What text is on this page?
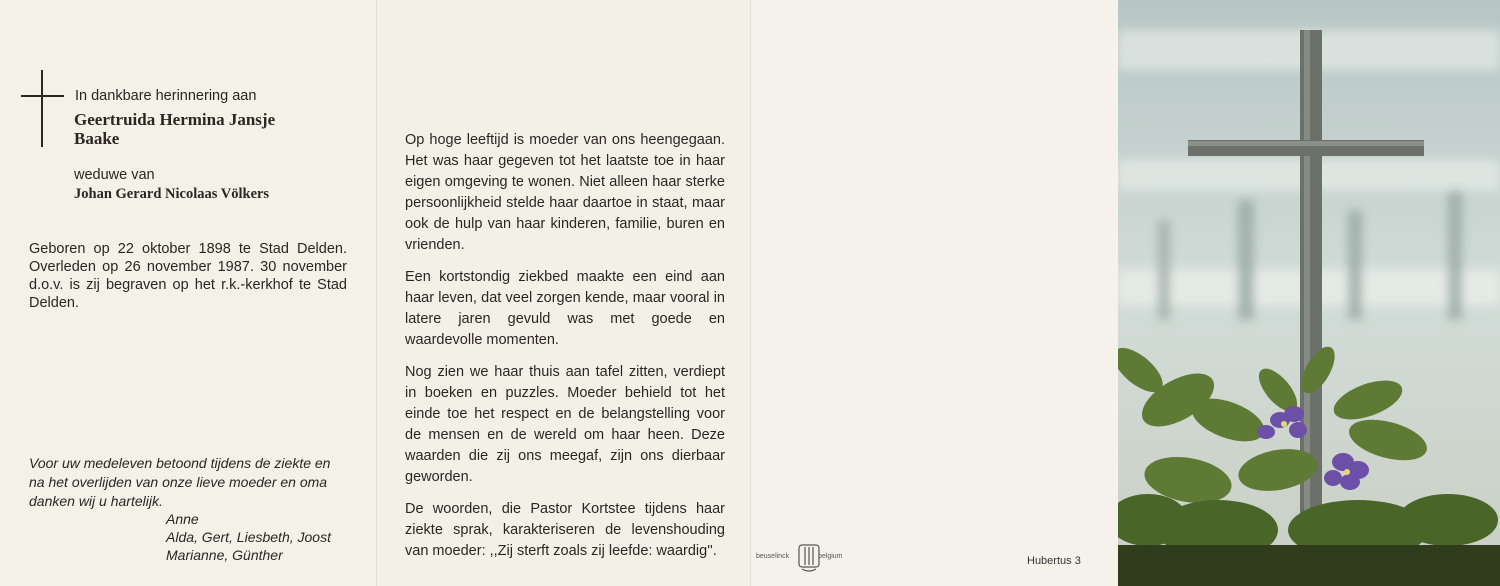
In dankbare herinnering aan
Geertruida Hermina Jansje
Baake
weduwe van
Johan Gerard Nicolaas Völkers
Geboren op 22 oktober 1898 te Stad Delden. Overleden op 26 november 1987. 30 november d.o.v. is zij begraven op het r.k.-kerkhof te Stad Delden.
Voor uw medeleven betoond tijdens de ziekte en na het overlijden van onze lieve moeder en oma danken wij u hartelijk.
Anne
Alda, Gert, Liesbeth, Joost
Marianne, Günther

Op hoge leeftijd is moeder van ons heengegaan. Het was haar gegeven tot het laatste toe in haar eigen omgeving te wonen. Niet alleen haar sterke persoonlijkheid stelde haar daartoe in staat, maar ook de hulp van haar kinderen, familie, buren en vrienden.

Een kortstondig ziekbed maakte een eind aan haar leven, dat veel zorgen kende, maar vooral in latere jaren gevuld was met goede en waardevolle momenten.

Nog zien we haar thuis aan tafel zitten, verdiept in boeken en puzzles. Moeder behield tot het einde toe het respect en de belangstelling voor de mensen en de wereld om haar heen. Deze waarden die zij ons meegaf, zijn ons dierbaar geworden.

De woorden, die Pastor Kortstee tijdens haar ziekte sprak, karakteriseren de levenshouding van moeder: ,,Zij sterft zoals zij leefde: waardig''.	beuselinck	belgium	Hubertus 3
